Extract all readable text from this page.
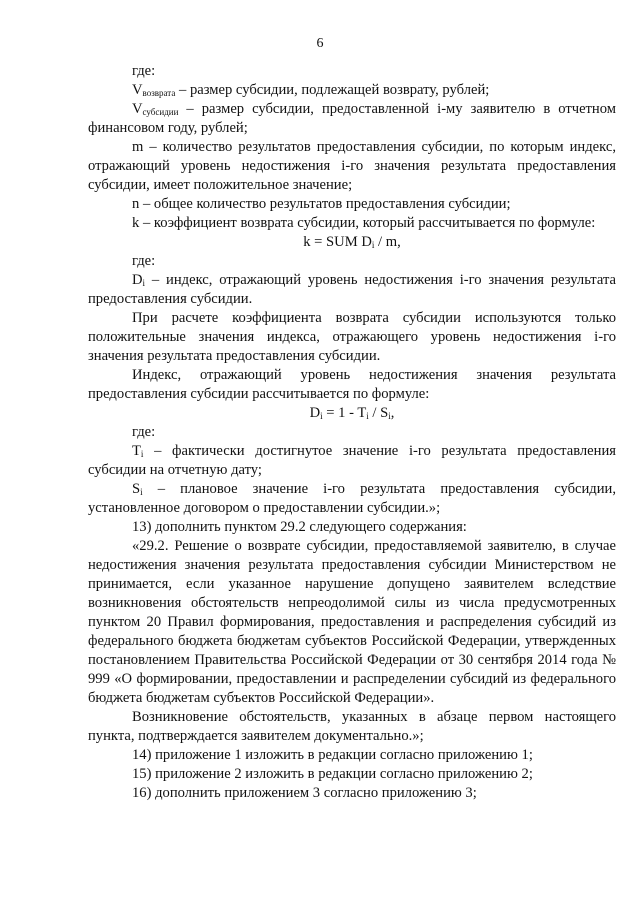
6

где:

$V_{возврата}$ – размер субсидии, подлежащей возврату, рублей;

$V_{субсидии}$ – размер субсидии, предоставленной i-му заявителю в отчетном финансовом году, рублей;

m – количество результатов предоставления субсидии, по которым индекс, отражающий уровень недостижения i-го значения результата предоставления субсидии, имеет положительное значение;

n – общее количество результатов предоставления субсидии;

k – коэффициент возврата субсидии, который рассчитывается по формуле:

k = SUM $D_i$ / m,

где:

$D_i$ – индекс, отражающий уровень недостижения i-го значения результата предоставления субсидии.

При расчете коэффициента возврата субсидии используются только положительные значения индекса, отражающего уровень недостижения i-го значения результата предоставления субсидии.

Индекс, отражающий уровень недостижения значения результата предоставления субсидии рассчитывается по формуле:

$D_i = 1 - T_i / S_i$,

где:

$T_i$ – фактически достигнутое значение i-го результата предоставления субсидии на отчетную дату;

$S_i$ – плановое значение i-го результата предоставления субсидии, установленное договором о предоставлении субсидии.»;

13) дополнить пунктом 29.2 следующего содержания:

«29.2. Решение о возврате субсидии, предоставляемой заявителю, в случае недостижения значения результата предоставления субсидии Министерством не принимается, если указанное нарушение допущено заявителем вследствие возникновения обстоятельств непреодолимой силы из числа предусмотренных пунктом 20 Правил формирования, предоставления и распределения субсидий из федерального бюджета бюджетам субъектов Российской Федерации, утвержденных постановлением Правительства Российской Федерации от 30 сентября 2014 года № 999 «О формировании, предоставлении и распределении субсидий из федерального бюджета бюджетам субъектов Российской Федерации».

Возникновение обстоятельств, указанных в абзаце первом настоящего пункта, подтверждается заявителем документально.»;

14) приложение 1 изложить в редакции согласно приложению 1;

15) приложение 2 изложить в редакции согласно приложению 2;

16) дополнить приложением 3 согласно приложению 3;
